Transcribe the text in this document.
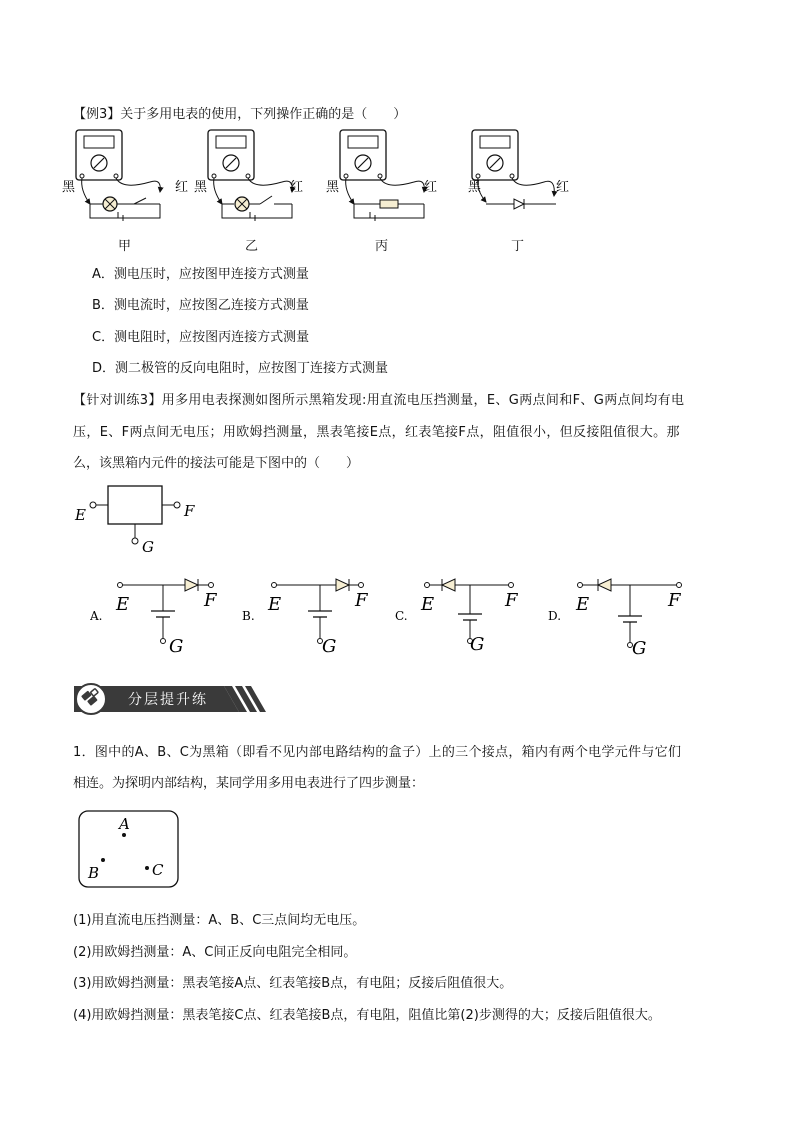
【例3】关于多用电表的使用，下列操作正确的是（　　）
黑	红 黑	红 黑	红 黑	红
甲	乙	丙	丁
A．测电压时，应按图甲连接方式测量
B．测电流时，应按图乙连接方式测量
C．测电阻时，应按图丙连接方式测量
D．测二极管的反向电阻时，应按图丁连接方式测量
【针对训练3】用多用电表探测如图所示黑箱发现:用直流电压挡测量，E、G两点间和F、G两点间均有电
压，E、F两点间无电压；用欧姆挡测量，黑表笔接E点，红表笔接F点，阻值很小，但反接阻值很大。那
么，该黑箱内元件的接法可能是下图中的（　　）
E	F
G
E	F
G
E	F
G
E	F
G
E	F
G
A.	B.	C.	D.
分层提升练
1．图中的A、B、C为黑箱（即看不见内部电路结构的盒子）上的三个接点，箱内有两个电学元件与它们
相连。为探明内部结构，某同学用多用电表进行了四步测量：
A
B	C
(1)用直流电压挡测量：A、B、C三点间均无电压。
(2)用欧姆挡测量：A、C间正反向电阻完全相同。
(3)用欧姆挡测量：黑表笔接A点、红表笔接B点，有电阻；反接后阻值很大。
(4)用欧姆挡测量：黑表笔接C点、红表笔接B点，有电阻，阻值比第(2)步测得的大；反接后阻值很大。
